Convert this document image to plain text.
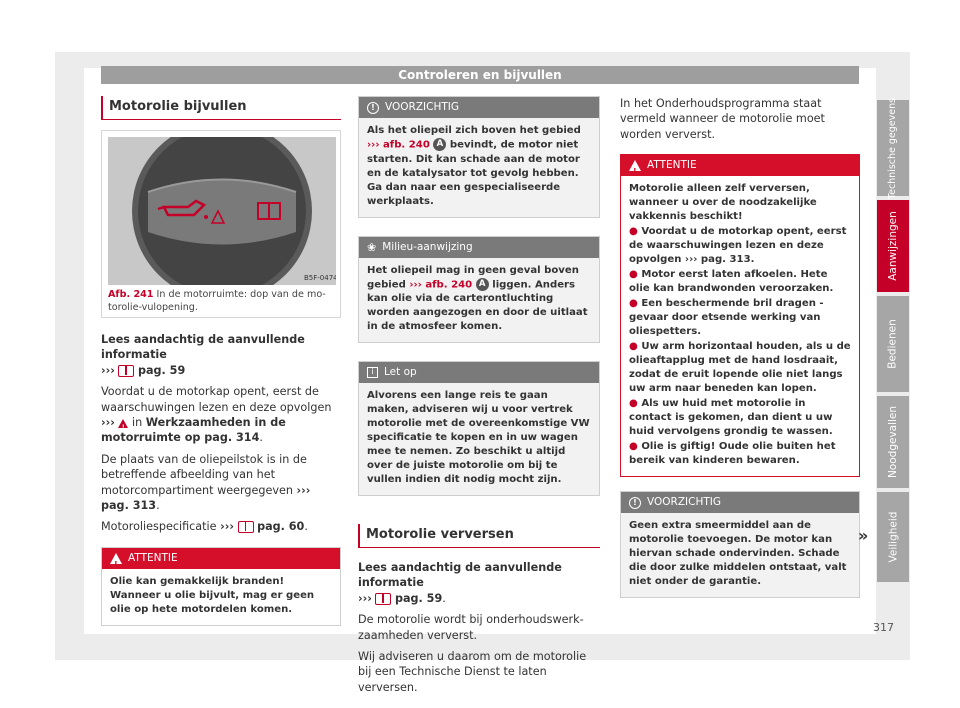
Controleren en bijvullen
Motorolie bijvullen
B5F-0474
Afb. 241 In de motorruimte: dop van de motorolie-vulopening.

Lees aandachtig de aanvullende informatie
››› pag. 59

Voordat u de motorkap opent, eerst de waarschuwingen lezen en deze opvolgen ››› ! in Werkzaamheden in de motorruimte op pag. 314.

De plaats van de oliepeilstok is in de betreffende afbeelding van het motorcompartiment weergegeven ››› pag. 313.

Motoroliespecificatie ››› pag. 60.

!
ATTENTIE
Olie kan gemakkelijk branden! Wanneer u olie bijvult, mag er geen olie op hete motordelen komen.
! VOORZICHTIG
Als het oliepeil zich boven het gebied ››› afb. 240 A bevindt, de motor niet starten. Dit kan schade aan de motor en de katalysator tot gevolg hebben. Ga dan naar een gespecialiseerde werkplaats.
❀ Milieu-aanwijzing
Het oliepeil mag in geen geval boven gebied ››› afb. 240 A liggen. Anders kan olie via de carterontluchting worden aangezogen en door de uitlaat in de atmosfeer komen.
i Let op
Alvorens een lange reis te gaan maken, adviseren wij u voor vertrek motorolie met de overeenkomstige VW specificatie te kopen en in uw wagen mee te nemen. Zo beschikt u altijd over de juiste motorolie om bij te vullen indien dit nodig mocht zijn.
Motorolie verversen

Lees aandachtig de aanvullende informatie
››› pag. 59.

De motorolie wordt bij onderhoudswerkzaamheden ververst.

Wij adviseren u daarom om de motorolie bij een Technische Dienst te laten verversen.

In het Onderhoudsprogramma staat vermeld wanneer de motorolie moet worden ververst.

!
ATTENTIE
Motorolie alleen zelf verversen, wanneer u over de noodzakelijke vakkennis beschikt!
● Voordat u de motorkap opent, eerst de waarschuwingen lezen en deze opvolgen ››› pag. 313.
● Motor eerst laten afkoelen. Hete olie kan brandwonden veroorzaken.
● Een beschermende bril dragen - gevaar door etsende werking van oliespetters.
● Uw arm horizontaal houden, als u de olieaftapplug met de hand losdraait, zodat de eruit lopende olie niet langs uw arm naar beneden kan lopen.
● Als uw huid met motorolie in contact is gekomen, dan dient u uw huid vervolgens grondig te wassen.
● Olie is giftig! Oude olie buiten het bereik van kinderen bewaren.
! VOORZICHTIG
Geen extra smeermiddel aan de motorolie toevoegen. De motor kan hiervan schade ondervinden. Schade die door zulke middelen ontstaat, valt niet onder de garantie.
»
Technische gegevens
Aanwijzingen
Bedienen
Noodgevallen
Veiligheid
317
